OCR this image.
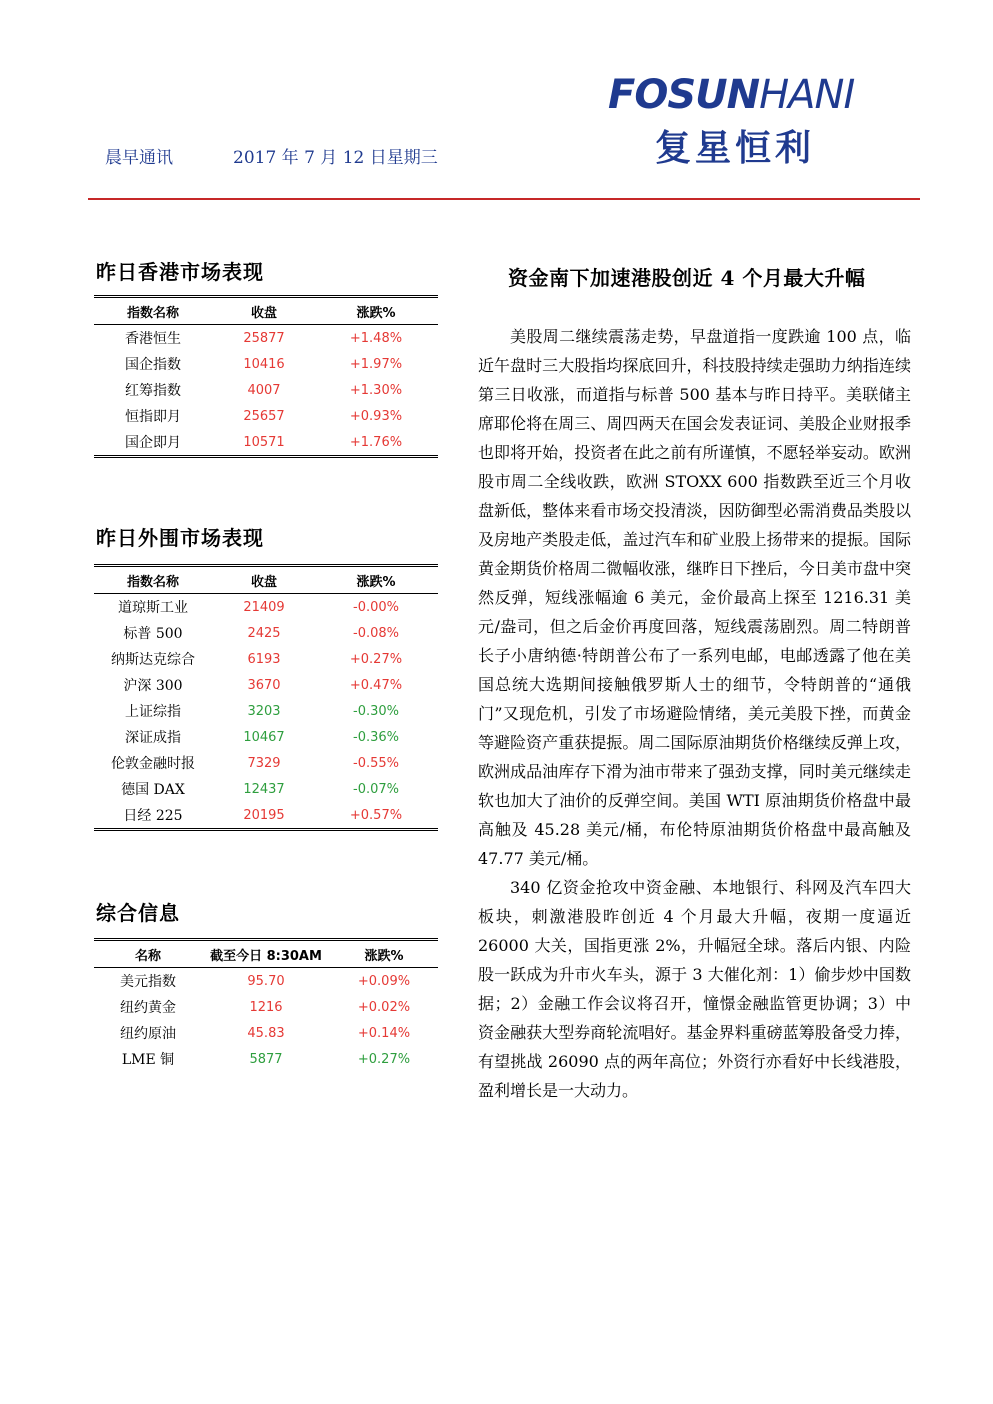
FOSUNHANI
复星恒利
晨早通讯	2017 年 7 月 12 日星期三
昨日香港市场表现
指数名称	收盘	涨跌%
香港恒生	25877	+1.48%
国企指数	10416	+1.97%
红筹指数	4007	+1.30%
恒指即月	25657	+0.93%
国企即月	10571	+1.76%
昨日外围市场表现
指数名称	收盘	涨跌%
道琼斯工业	21409	-0.00%
标普 500	2425	-0.08%
纳斯达克综合	6193	+0.27%
沪深 300	3670	+0.47%
上证综指	3203	-0.30%
深证成指	10467	-0.36%
伦敦金融时报	7329	-0.55%
德国 DAX	12437	-0.07%
日经 225	20195	+0.57%
综合信息
名称	截至今日 8:30AM	涨跌%
美元指数	95.70	+0.09%
纽约黄金	1216	+0.02%
纽约原油	45.83	+0.14%
LME 铜	5877	+0.27%
资金南下加速港股创近 4 个月最大升幅

美股周二继续震荡走势，早盘道指一度跌逾 100 点，临近午盘时三大股指均探底回升，科技股持续走强助力纳指连续第三日收涨，而道指与标普 500 基本与昨日持平。美联储主席耶伦将在周三、周四两天在国会发表证词、美股企业财报季也即将开始，投资者在此之前有所谨慎，不愿轻举妄动。欧洲股市周二全线收跌，欧洲 STOXX 600 指数跌至近三个月收盘新低，整体来看市场交投清淡，因防御型必需消费品类股以及房地产类股走低，盖过汽车和矿业股上扬带来的提振。国际黄金期货价格周二微幅收涨，继昨日下挫后，今日美市盘中突然反弹，短线涨幅逾 6 美元，金价最高上探至 1216.31 美元/盎司，但之后金价再度回落，短线震荡剧烈。周二特朗普长子小唐纳德·特朗普公布了一系列电邮，电邮透露了他在美国总统大选期间接触俄罗斯人士的细节，令特朗普的“通俄门”又现危机，引发了市场避险情绪，美元美股下挫，而黄金等避险资产重获提振。周二国际原油期货价格继续反弹上攻，欧洲成品油库存下滑为油市带来了强劲支撑，同时美元继续走软也加大了油价的反弹空间。美国 WTI 原油期货价格盘中最高触及 45.28 美元/桶，布伦特原油期货价格盘中最高触及 47.77 美元/桶。

340 亿资金抢攻中资金融、本地银行、科网及汽车四大板块，刺激港股昨创近 4 个月最大升幅，夜期一度逼近 26000 大关，国指更涨 2%，升幅冠全球。落后内银、内险股一跃成为升市火车头，源于 3 大催化剂：1）偷步炒中国数据；2）金融工作会议将召开，憧憬金融监管更协调；3）中资金融获大型券商轮流唱好。基金界料重磅蓝筹股备受力捧，有望挑战 26090 点的两年高位；外资行亦看好中长线港股，盈利增长是一大动力。
